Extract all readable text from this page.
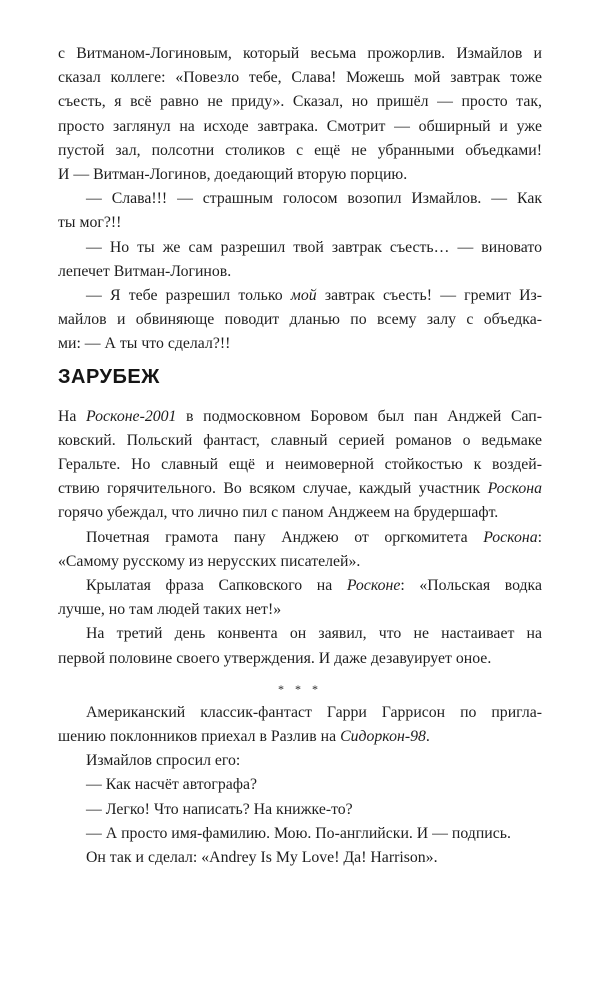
с Витманом-Логиновым, который весьма прожорлив. Измайлов и
сказал коллеге: «Повезло тебе, Слава! Можешь мой завтрак тоже
съесть, я всё равно не приду». Сказал, но пришёл — просто так,
просто заглянул на исходе завтрака. Смотрит — обширный и уже
пустой зал, полсотни столиков с ещё не убранными объедками!
И — Витман-Логинов, доедающий вторую порцию.
— Слава!!! — страшным голосом возопил Измайлов. — Как
ты мог?!!
— Но ты же сам разрешил твой завтрак съесть… — виновато
лепечет Витман-Логинов.
— Я тебе разрешил только мой завтрак съесть! — гремит Из-
майлов и обвиняюще поводит дланью по всему залу с объедка-
ми: — А ты что сделал?!!
ЗАРУБЕЖ
На Росконе-2001 в подмосковном Боровом был пан Анджей Сап-
ковский. Польский фантаст, славный серией романов о ведьмаке
Геральте. Но славный ещё и неимоверной стойкостью к воздей-
ствию горячительного. Во всяком случае, каждый участник Роскона
горячо убеждал, что лично пил с паном Анджеем на брудершафт.
Почетная грамота пану Анджею от оргкомитета Роскона:
«Самому русскому из нерусских писателей».
Крылатая фраза Сапковского на Росконе: «Польская водка
лучше, но там людей таких нет!»
На третий день конвента он заявил, что не настаивает на
первой половине своего утверждения. И даже дезавуирует оное.
* * *
Американский классик-фантаст Гарри Гаррисон по пригла-
шению поклонников приехал в Разлив на Сидоркон-98.
Измайлов спросил его:
— Как насчёт автографа?
— Легко! Что написать? На книжке-то?
— А просто имя-фамилию. Мою. По-английски. И — подпись.
Он так и сделал: «Andrey Is My Love! Да! Harrison».
